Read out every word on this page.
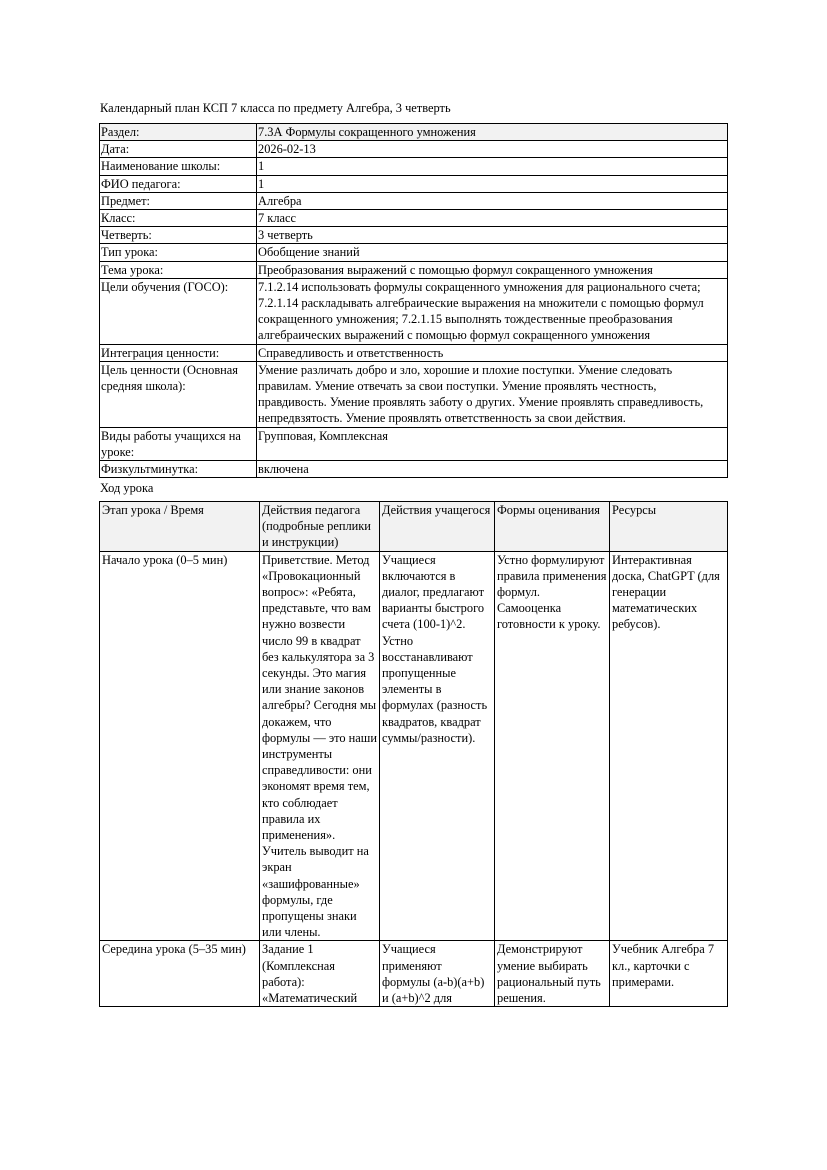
Календарный план КСП 7 класса по предмету Алгебра, 3 четверть
Раздел:	7.3А Формулы сокращенного умножения
Дата:	2026-02-13
Наименование школы:	1
ФИО педагога:	1
Предмет:	Алгебра
Класс:	7 класс
Четверть:	3 четверть
Тип урока:	Обобщение знаний
Тема урока:	Преобразования выражений с помощью формул сокращенного умножения
Цели обучения (ГОСО):	7.1.2.14 использовать формулы сокращенного умножения для рационального счета; 7.2.1.14 раскладывать алгебраические выражения на множители с помощью формул сокращенного умножения; 7.2.1.15 выполнять тождественные преобразования алгебраических выражений с помощью формул сокращенного умножения
Интеграция ценности:	Справедливость и ответственность
Цель ценности (Основная средняя школа):	Умение различать добро и зло, хорошие и плохие поступки. Умение следовать правилам. Умение отвечать за свои поступки. Умение проявлять честность, правдивость. Умение проявлять заботу о других. Умение проявлять справедливость, непредвзятость. Умение проявлять ответственность за свои действия.
Виды работы учащихся на уроке:	Групповая, Комплексная
Физкультминутка:	включена
Ход урока
Этап урока / Время	Действия педагога (подробные реплики и инструкции)	Действия учащегося	Формы оценивания	Ресурсы
Начало урока (0–5 мин)	Приветствие. Метод «Провокационный вопрос»: «Ребята, представьте, что вам нужно возвести число 99 в квадрат без калькулятора за 3 секунды. Это магия или знание законов алгебры? Сегодня мы докажем, что формулы — это наши инструменты справедливости: они экономят время тем, кто соблюдает правила их применения». Учитель выводит на экран «зашифрованные» формулы, где пропущены знаки или члены.	Учащиеся включаются в диалог, предлагают варианты быстрого счета (100-1)^2. Устно восстанавливают пропущенные элементы в формулах (разность квадратов, квадрат суммы/разности).	Устно формулируют правила применения формул. Самооценка готовности к уроку.	Интерактивная доска, ChatGPT (для генерации математических ребусов).
Середина урока (5–35 мин)	Задание 1 (Комплексная работа): «Математический	Учащиеся применяют формулы (a-b)(a+b) и (a+b)^2 для	Демонстрируют умение выбирать рациональный путь решения.	Учебник Алгебра 7 кл., карточки с примерами.
